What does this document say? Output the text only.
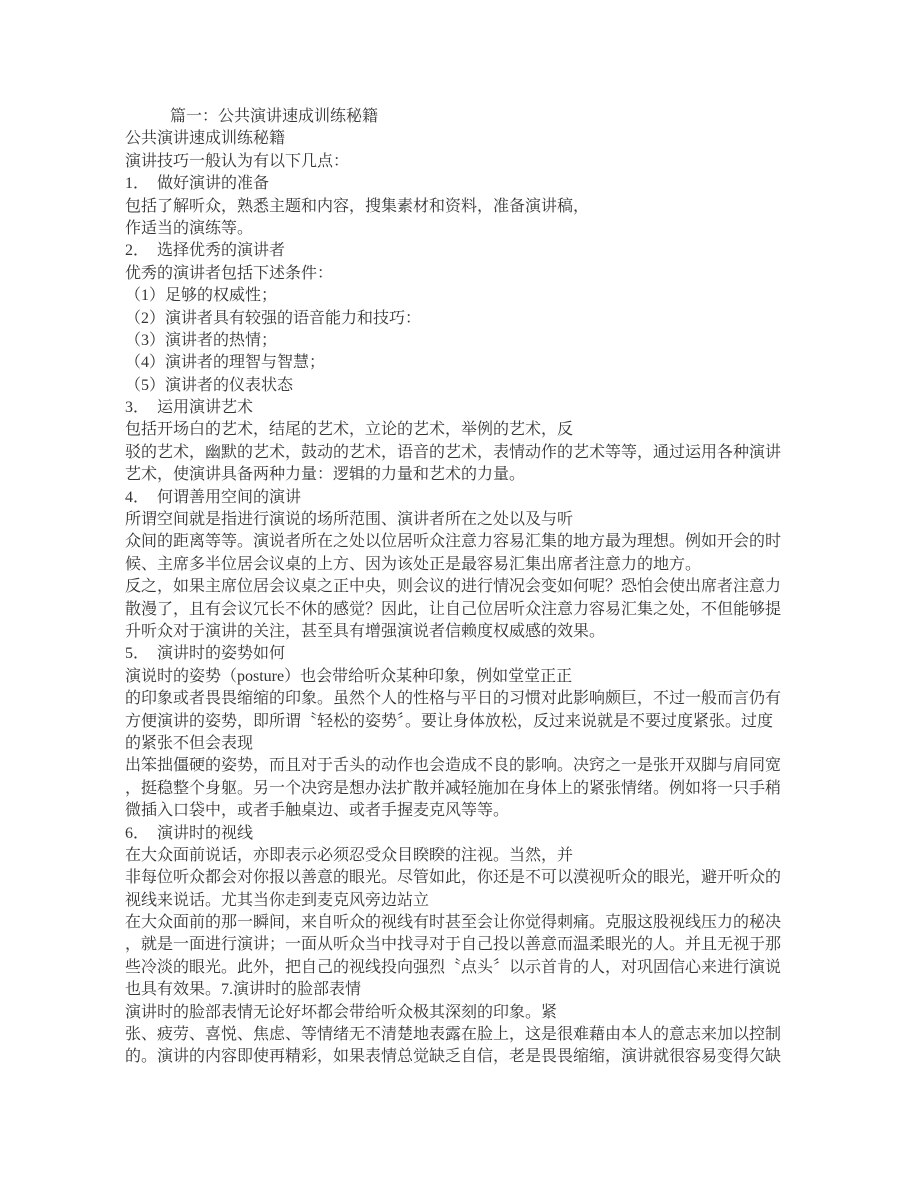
篇一：公共演讲速成训练秘籍
公共演讲速成训练秘籍
演讲技巧一般认为有以下几点：
1．　做好演讲的准备
包括了解听众，熟悉主题和内容，搜集素材和资料，准备演讲稿，
作适当的演练等。
2．　选择优秀的演讲者
优秀的演讲者包括下述条件：
（1）足够的权威性；
（2）演讲者具有较强的语音能力和技巧：
（3）演讲者的热情；
（4）演讲者的理智与智慧；
（5）演讲者的仪表状态
3．　运用演讲艺术
包括开场白的艺术，结尾的艺术，立论的艺术，举例的艺术，反
驳的艺术，幽默的艺术，鼓动的艺术，语音的艺术，表情动作的艺术等等，通过运用各种演讲
艺术，使演讲具备两种力量：逻辑的力量和艺术的力量。
4．　何谓善用空间的演讲
所谓空间就是指进行演说的场所范围、演讲者所在之处以及与听
众间的距离等等。演说者所在之处以位居听众注意力容易汇集的地方最为理想。例如开会的时
候、主席多半位居会议桌的上方、因为该处正是最容易汇集出席者注意力的地方。
反之，如果主席位居会议桌之正中央，则会议的进行情况会变如何呢？恐怕会使出席者注意力
散漫了，且有会议冗长不休的感觉？因此，让自己位居听众注意力容易汇集之处，不但能够提
升听众对于演讲的关注，甚至具有增强演说者信赖度权威感的效果。
5．　演讲时的姿势如何
演说时的姿势（posture）也会带给听众某种印象，例如堂堂正正
的印象或者畏畏缩缩的印象。虽然个人的性格与平日的习惯对此影响颇巨，不过一般而言仍有
方便演讲的姿势，即所谓〝轻松的姿势〞。要让身体放松，反过来说就是不要过度紧张。过度
的紧张不但会表现
出笨拙僵硬的姿势，而且对于舌头的动作也会造成不良的影响。决窍之一是张开双脚与肩同宽
，挺稳整个身躯。另一个决窍是想办法扩散并减轻施加在身体上的紧张情绪。例如将一只手稍
微插入口袋中，或者手触桌边、或者手握麦克风等等。
6．　演讲时的视线
在大众面前说话，亦即表示必须忍受众目睽睽的注视。当然，并
非每位听众都会对你报以善意的眼光。尽管如此，你还是不可以漠视听众的眼光，避开听众的
视线来说话。尤其当你走到麦克风旁边站立
在大众面前的那一瞬间，来自听众的视线有时甚至会让你觉得刺痛。克服这股视线压力的秘决
，就是一面进行演讲；一面从听众当中找寻对于自己投以善意而温柔眼光的人。并且无视于那
些冷淡的眼光。此外，把自己的视线投向强烈〝点头〞以示首肯的人，对巩固信心来进行演说
也具有效果。7.演讲时的脸部表情
演讲时的脸部表情无论好坏都会带给听众极其深刻的印象。紧
张、疲劳、喜悦、焦虑、等情绪无不清楚地表露在脸上，这是很难藉由本人的意志来加以控制
的。演讲的内容即使再精彩，如果表情总觉缺乏自信，老是畏畏缩缩，演讲就很容易变得欠缺
